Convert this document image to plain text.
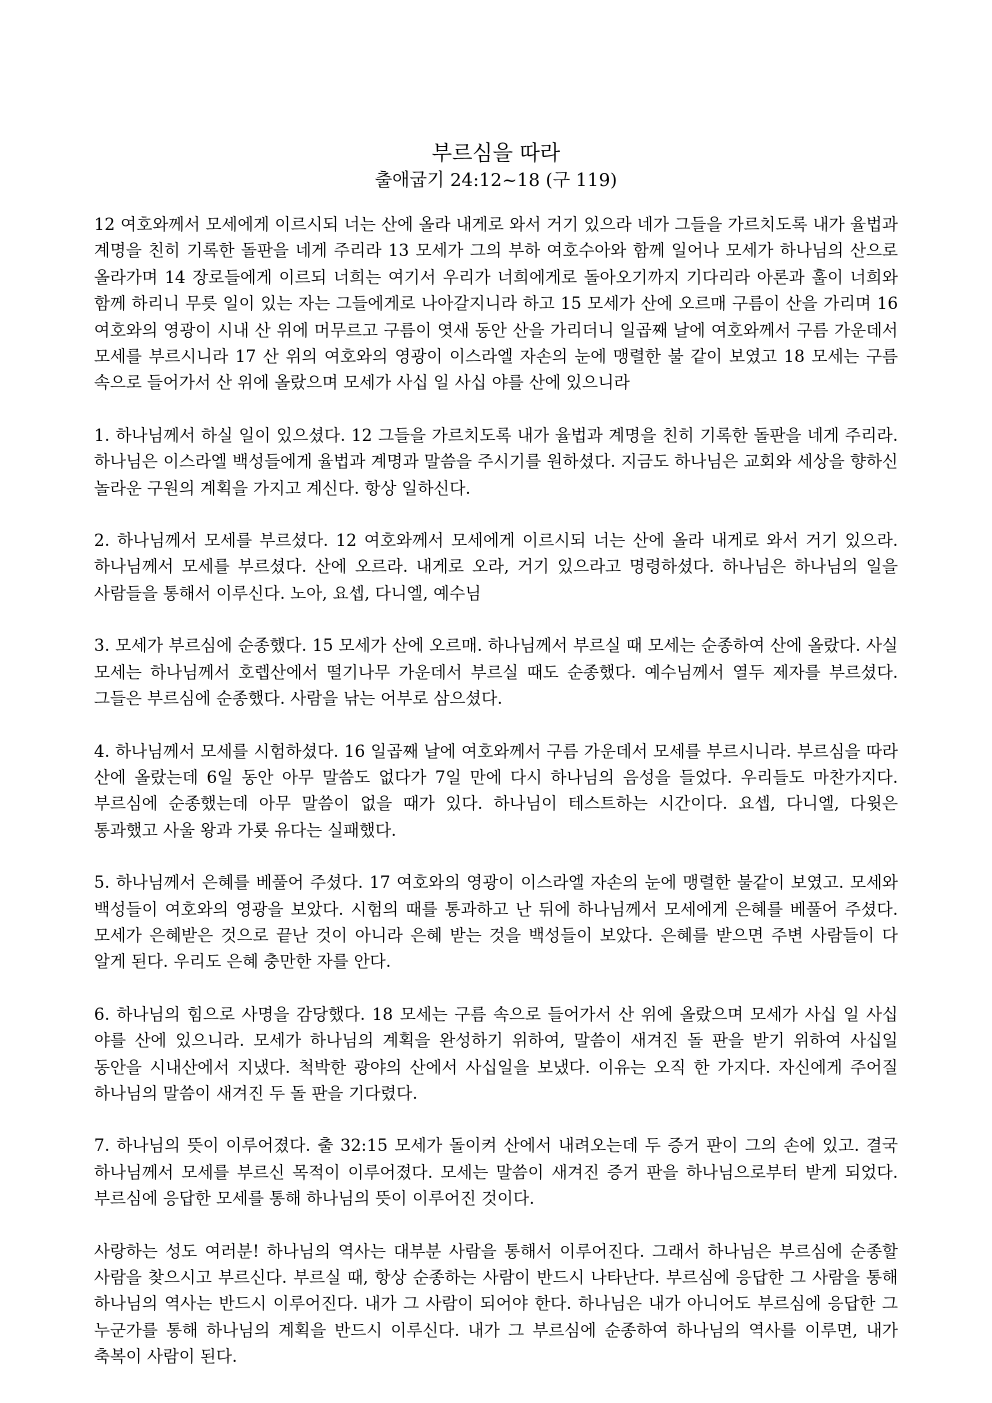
부르심을 따라
출애굽기 24:12~18 (구 119)

12 여호와께서 모세에게 이르시되 너는 산에 올라 내게로 와서 거기 있으라 네가 그들을 가르치도록 내가 율법과 계명을 친히 기록한 돌판을 네게 주리라 13 모세가 그의 부하 여호수아와 함께 일어나 모세가 하나님의 산으로 올라가며 14 장로들에게 이르되 너희는 여기서 우리가 너희에게로 돌아오기까지 기다리라 아론과 훌이 너희와 함께 하리니 무릇 일이 있는 자는 그들에게로 나아갈지니라 하고 15 모세가 산에 오르매 구름이 산을 가리며 16 여호와의 영광이 시내 산 위에 머무르고 구름이 엿새 동안 산을 가리더니 일곱째 날에 여호와께서 구름 가운데서 모세를 부르시니라 17 산 위의 여호와의 영광이 이스라엘 자손의 눈에 맹렬한 불 같이 보였고 18 모세는 구름 속으로 들어가서 산 위에 올랐으며 모세가 사십 일 사십 야를 산에 있으니라

1. 하나님께서 하실 일이 있으셨다. 12 그들을 가르치도록 내가 율법과 계명을 친히 기록한 돌판을 네게 주리라. 하나님은 이스라엘 백성들에게 율법과 계명과 말씀을 주시기를 원하셨다. 지금도 하나님은 교회와 세상을 향하신 놀라운 구원의 계획을 가지고 계신다. 항상 일하신다.

2. 하나님께서 모세를 부르셨다. 12 여호와께서 모세에게 이르시되 너는 산에 올라 내게로 와서 거기 있으라. 하나님께서 모세를 부르셨다. 산에 오르라. 내게로 오라, 거기 있으라고 명령하셨다. 하나님은 하나님의 일을 사람들을 통해서 이루신다. 노아, 요셉, 다니엘, 예수님

3. 모세가 부르심에 순종했다. 15 모세가 산에 오르매. 하나님께서 부르실 때 모세는 순종하여 산에 올랐다. 사실 모세는 하나님께서 호렙산에서 떨기나무 가운데서 부르실 때도 순종했다. 예수님께서 열두 제자를 부르셨다. 그들은 부르심에 순종했다. 사람을 낚는 어부로 삼으셨다.

4. 하나님께서 모세를 시험하셨다. 16 일곱째 날에 여호와께서 구름 가운데서 모세를 부르시니라. 부르심을 따라 산에 올랐는데 6일 동안 아무 말씀도 없다가 7일 만에 다시 하나님의 음성을 들었다. 우리들도 마찬가지다. 부르심에 순종했는데 아무 말씀이 없을 때가 있다. 하나님이 테스트하는 시간이다. 요셉, 다니엘, 다윗은 통과했고 사울 왕과 가룟 유다는 실패했다.

5. 하나님께서 은혜를 베풀어 주셨다. 17 여호와의 영광이 이스라엘 자손의 눈에 맹렬한 불같이 보였고. 모세와 백성들이 여호와의 영광을 보았다. 시험의 때를 통과하고 난 뒤에 하나님께서 모세에게 은혜를 베풀어 주셨다. 모세가 은혜받은 것으로 끝난 것이 아니라 은혜 받는 것을 백성들이 보았다. 은혜를 받으면 주변 사람들이 다 알게 된다. 우리도 은혜 충만한 자를 안다.

6. 하나님의 힘으로 사명을 감당했다. 18 모세는 구름 속으로 들어가서 산 위에 올랐으며 모세가 사십 일 사십 야를 산에 있으니라. 모세가 하나님의 계획을 완성하기 위하여, 말씀이 새겨진 돌 판을 받기 위하여 사십일 동안을 시내산에서 지냈다. 척박한 광야의 산에서 사십일을 보냈다. 이유는 오직 한 가지다. 자신에게 주어질 하나님의 말씀이 새겨진 두 돌 판을 기다렸다.

7. 하나님의 뜻이 이루어졌다. 출 32:15 모세가 돌이켜 산에서 내려오는데 두 증거 판이 그의 손에 있고. 결국 하나님께서 모세를 부르신 목적이 이루어졌다. 모세는 말씀이 새겨진 증거 판을 하나님으로부터 받게 되었다. 부르심에 응답한 모세를 통해 하나님의 뜻이 이루어진 것이다.

사랑하는 성도 여러분! 하나님의 역사는 대부분 사람을 통해서 이루어진다. 그래서 하나님은 부르심에 순종할 사람을 찾으시고 부르신다. 부르실 때, 항상 순종하는 사람이 반드시 나타난다. 부르심에 응답한 그 사람을 통해 하나님의 역사는 반드시 이루어진다. 내가 그 사람이 되어야 한다. 하나님은 내가 아니어도 부르심에 응답한 그 누군가를 통해 하나님의 계획을 반드시 이루신다. 내가 그 부르심에 순종하여 하나님의 역사를 이루면, 내가 축복이 사람이 된다.
